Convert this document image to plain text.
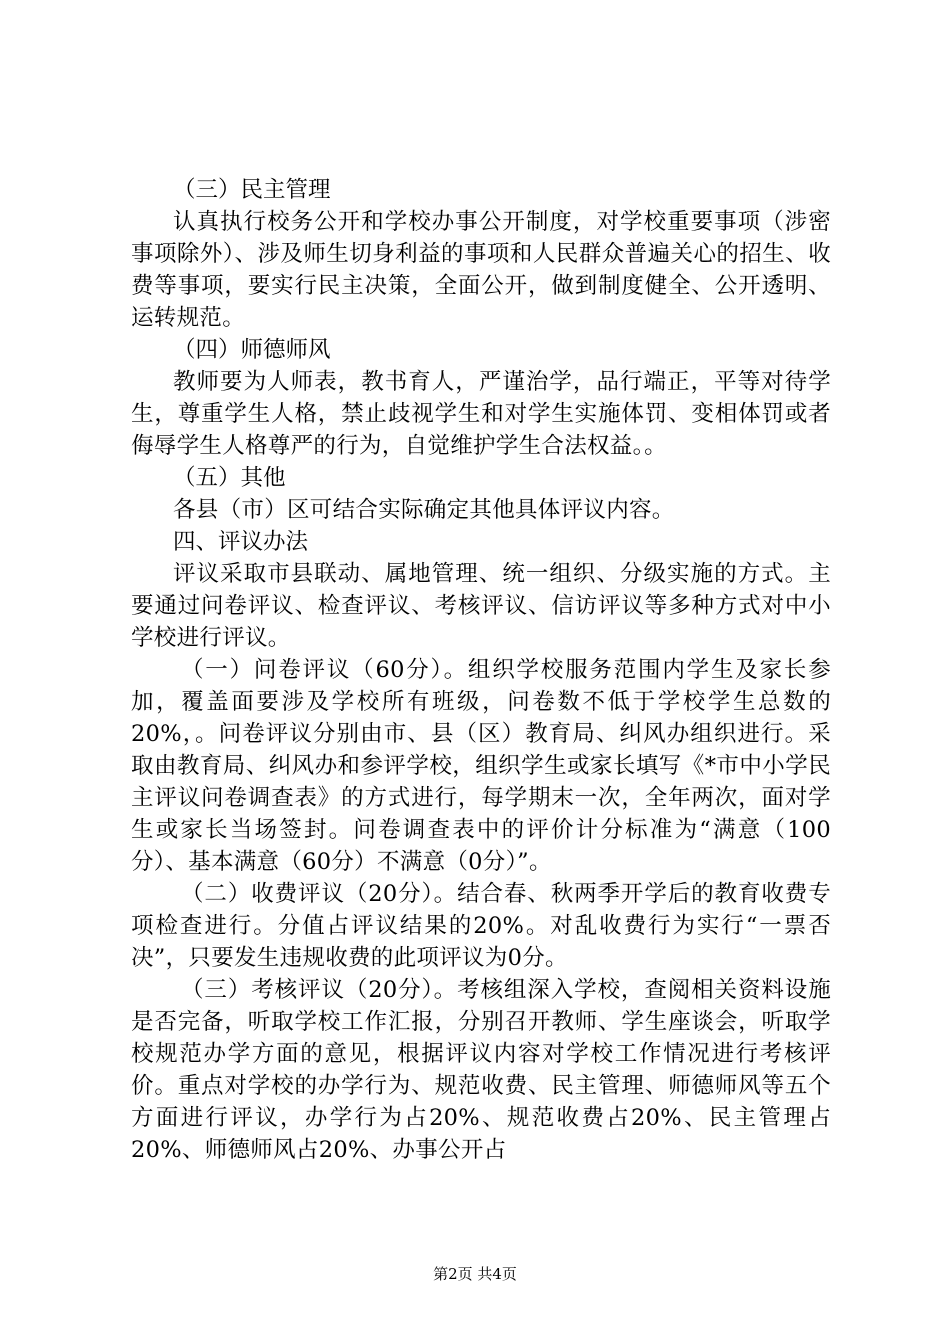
（三）民主管理

认真执行校务公开和学校办事公开制度，对学校重要事项（涉密事项除外）、涉及师生切身利益的事项和人民群众普遍关心的招生、收费等事项，要实行民主决策，全面公开，做到制度健全、公开透明、运转规范。

（四）师德师风

教师要为人师表，教书育人，严谨治学，品行端正，平等对待学生，尊重学生人格，禁止歧视学生和对学生实施体罚、变相体罚或者侮辱学生人格尊严的行为，自觉维护学生合法权益。。

（五）其他

各县（市）区可结合实际确定其他具体评议内容。

四、评议办法

评议采取市县联动、属地管理、统一组织、分级实施的方式。主要通过问卷评议、检查评议、考核评议、信访评议等多种方式对中小学校进行评议。

（一）问卷评议（60分）。组织学校服务范围内学生及家长参加，覆盖面要涉及学校所有班级，问卷数不低于学校学生总数的20%，。问卷评议分别由市、县（区）教育局、纠风办组织进行。采取由教育局、纠风办和参评学校，组织学生或家长填写《*市中小学民主评议问卷调查表》的方式进行，每学期末一次，全年两次，面对学生或家长当场签封。问卷调查表中的评价计分标准为“满意（100分）、基本满意（60分）不满意（0分）”。

（二）收费评议（20分）。结合春、秋两季开学后的教育收费专项检查进行。分值占评议结果的20%。对乱收费行为实行“一票否决”，只要发生违规收费的此项评议为0分。

（三）考核评议（20分）。考核组深入学校，查阅相关资料设施是否完备，听取学校工作汇报，分别召开教师、学生座谈会，听取学校规范办学方面的意见，根据评议内容对学校工作情况进行考核评价。重点对学校的办学行为、规范收费、民主管理、师德师风等五个方面进行评议，办学行为占20%、规范收费占20%、民主管理占20%、师德师风占20%、办事公开占

第2页 共4页
